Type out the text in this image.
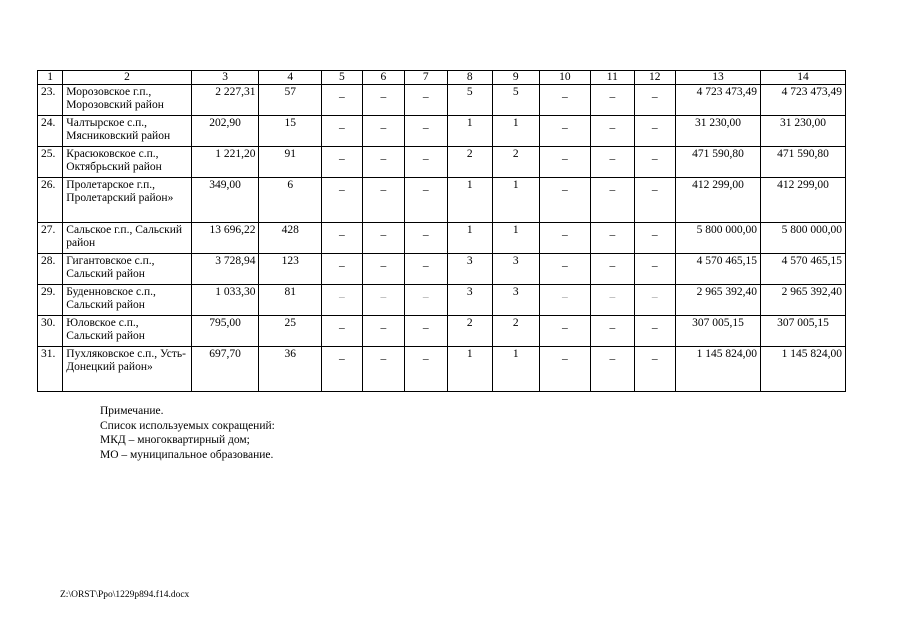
1	2	3	4	5	6	7	8	9	10	11	12	13	14
23.	Морозовское г.п., Морозовский район	2 227,31	57	–	–	–	5	5	–	–	–	4 723 473,49	4 723 473,49
24.	Чалтырское с.п., Мясниковский район	202,90	15	–	–	–	1	1	–	–	–	31 230,00	31 230,00
25.	Красюковское с.п., Октябрьский район	1 221,20	91	–	–	–	2	2	–	–	–	471 590,80	471 590,80
26.	Пролетарское г.п., Пролетарский район»	349,00	6	–	–	–	1	1	–	–	–	412 299,00	412 299,00
27.	Сальское г.п., Сальский район	13 696,22	428	–	–	–	1	1	–	–	–	5 800 000,00	5 800 000,00
28.	Гигантовское с.п., Сальский район	3 728,94	123	–	–	–	3	3	–	–	–	4 570 465,15	4 570 465,15
29.	Буденновское с.п., Сальский район	1 033,30	81	–	–	–	3	3	–	–	–	2 965 392,40	2 965 392,40
30.	Юловское с.п., Сальский район	795,00	25	–	–	–	2	2	–	–	–	307 005,15	307 005,15
31.	Пухляковское с.п., Усть-Донецкий район»	697,70	36	–	–	–	1	1	–	–	–	1 145 824,00	1 145 824,00
Примечание.
Список используемых сокращений:
МКД – многоквартирный дом;
МО – муниципальное образование.
Z:\ORST\Ppo\1229p894.f14.docx
